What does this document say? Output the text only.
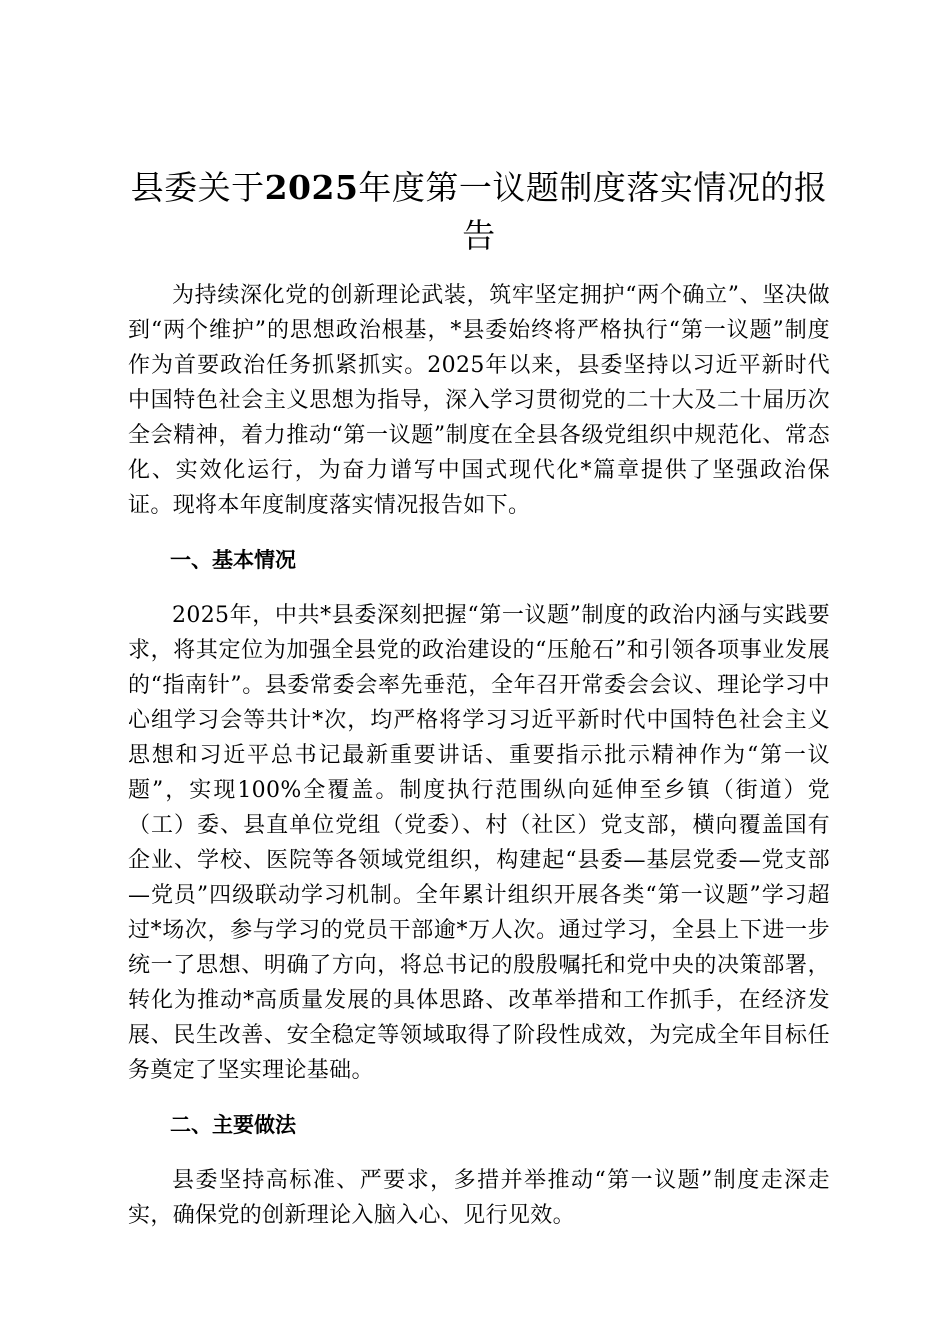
县委关于2025年度第一议题制度落实情况的报告

为持续深化党的创新理论武装，筑牢坚定拥护“两个确立”、坚决做到“两个维护”的思想政治根基，*县委始终将严格执行“第一议题”制度作为首要政治任务抓紧抓实。2025年以来，县委坚持以习近平新时代中国特色社会主义思想为指导，深入学习贯彻党的二十大及二十届历次全会精神，着力推动“第一议题”制度在全县各级党组织中规范化、常态化、实效化运行，为奋力谱写中国式现代化*篇章提供了坚强政治保证。现将本年度制度落实情况报告如下。

一、基本情况

2025年，中共*县委深刻把握“第一议题”制度的政治内涵与实践要求，将其定位为加强全县党的政治建设的“压舱石”和引领各项事业发展的“指南针”。县委常委会率先垂范，全年召开常委会会议、理论学习中心组学习会等共计*次，均严格将学习习近平新时代中国特色社会主义思想和习近平总书记最新重要讲话、重要指示批示精神作为“第一议题”，实现100%全覆盖。制度执行范围纵向延伸至乡镇（街道）党（工）委、县直单位党组（党委）、村（社区）党支部，横向覆盖国有企业、学校、医院等各领域党组织，构建起“县委—基层党委—党支部—党员”四级联动学习机制。全年累计组织开展各类“第一议题”学习超过*场次，参与学习的党员干部逾*万人次。通过学习，全县上下进一步统一了思想、明确了方向，将总书记的殷殷嘱托和党中央的决策部署，转化为推动*高质量发展的具体思路、改革举措和工作抓手，在经济发展、民生改善、安全稳定等领域取得了阶段性成效，为完成全年目标任务奠定了坚实理论基础。

二、主要做法

县委坚持高标准、严要求，多措并举推动“第一议题”制度走深走实，确保党的创新理论入脑入心、见行见效。
